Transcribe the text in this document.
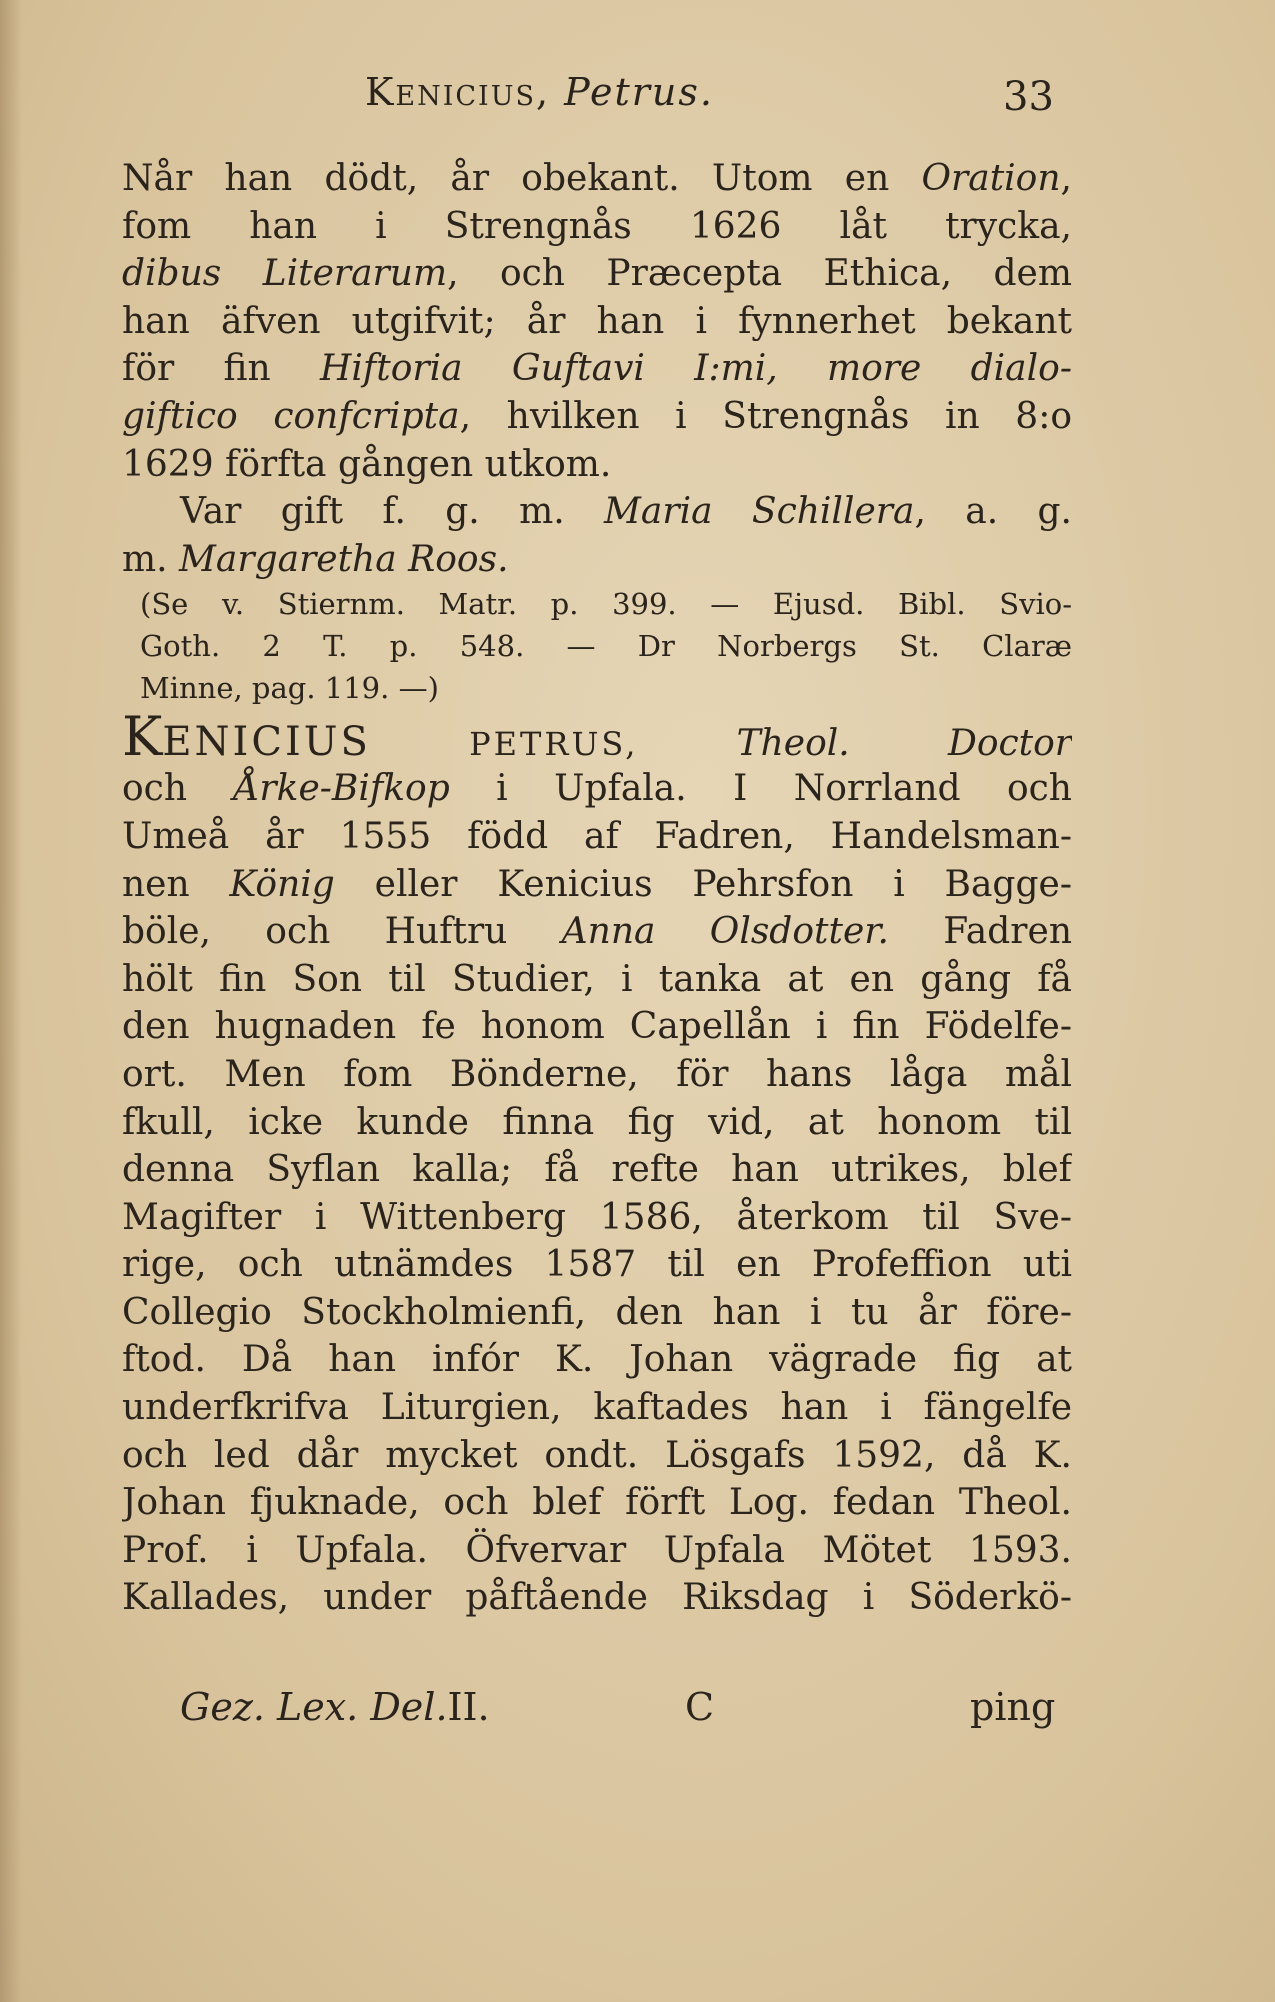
Kenicius, Petrus.	33
Når han dödt, år obekant. Utom en Oration,
fom han i Strengnås 1626 låt trycka,
dibus Literarum, och Præcepta Ethica, dem
han äfven utgifvit; år han i fynnerhet bekant
för fin Hiftoria Guftavi I:mi, more dialo-
giftico confcripta, hvilken i Strengnås in 8:o
1629 förfta gången utkom.
Var gift f. g. m. Maria Schillera, a. g.
m. Margaretha Roos.
(Se v. Stiernm. Matr. p. 399. — Ejusd. Bibl. Svio-
Goth. 2 T. p. 548. — Dr Norbergs St. Claræ
Minne, pag. 119. —)
KENICIUS	PETRUS,	Theol. Doctor
och Årke-Bifkop i Upfala. I Norrland och
Umeå år 1555 född af Fadren, Handelsman-
nen König eller Kenicius Pehrsfon i Bagge-
böle, och Huftru Anna Olsdotter. Fadren
hölt fin Son til Studier, i tanka at en gång få
den hugnaden fe honom Capellån i fin Födelfe-
ort. Men fom Bönderne, för hans låga mål
fkull, icke kunde finna fig vid, at honom til
denna Syflan kalla; få refte han utrikes, blef
Magifter i Wittenberg 1586, återkom til Sve-
rige, och utnämdes 1587 til en Profeffion uti
Collegio Stockholmienfi, den han i tu år före-
ftod. Då han infór K. Johan vägrade fig at
underfkrifva Liturgien, kaftades han i fängelfe
och led dår mycket ondt. Lösgafs 1592, då K.
Johan fjuknade, och blef förft Log. fedan Theol.
Prof. i Upfala. Öfvervar Upfala Mötet 1593.
Kallades, under påftående Riksdag i Söderkö-
Gez. Lex. Del.II.	C	ping
